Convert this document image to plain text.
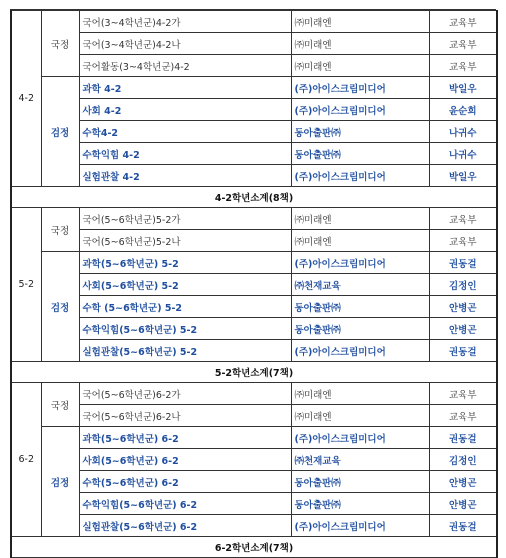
4-2	국정	국어(3~4학년군)4-2가	㈜미래엔	교육부
		국어(3~4학년군)4-2나	㈜미래엔	교육부
		국어활동(3~4학년군)4-2	㈜미래엔	교육부
	검정	과학 4-2	(주)아이스크림미디어	박일우
		사회 4-2	(주)아이스크림미디어	윤순희
		수학4-2	동아출판㈜	나귀수
		수학익힘 4-2	동아출판㈜	나귀수
		실험관찰 4-2	(주)아이스크림미디어	박일우
4-2학년소계(8책)				
5-2	국정	국어(5~6학년군)5-2가	㈜미래엔	교육부
		국어(5~6학년군)5-2나	㈜미래엔	교육부
	검정	과학(5~6학년군) 5-2	(주)아이스크림미디어	권동걸
		사회(5~6학년군) 5-2	㈜천재교육	김정인
		수학 (5~6학년군) 5-2	동아출판㈜	안병곤
		수학익힘(5~6학년군) 5-2	동아출판㈜	안병곤
		실험관찰(5~6학년군) 5-2	(주)아이스크림미디어	권동걸
5-2학년소계(7책)				
6-2	국정	국어(5~6학년군)6-2가	㈜미래엔	교육부
		국어(5~6학년군)6-2나	㈜미래엔	교육부
	검정	과학(5~6학년군) 6-2	(주)아이스크림미디어	권동걸
		사회(5~6학년군) 6-2	㈜천재교육	김정인
		수학(5~6학년군) 6-2	동아출판㈜	안병곤
		수학익힘(5~6학년군) 6-2	동아출판㈜	안병곤
		실험관찰(5~6학년군) 6-2	(주)아이스크림미디어	권동걸
6-2학년소계(7책)				
